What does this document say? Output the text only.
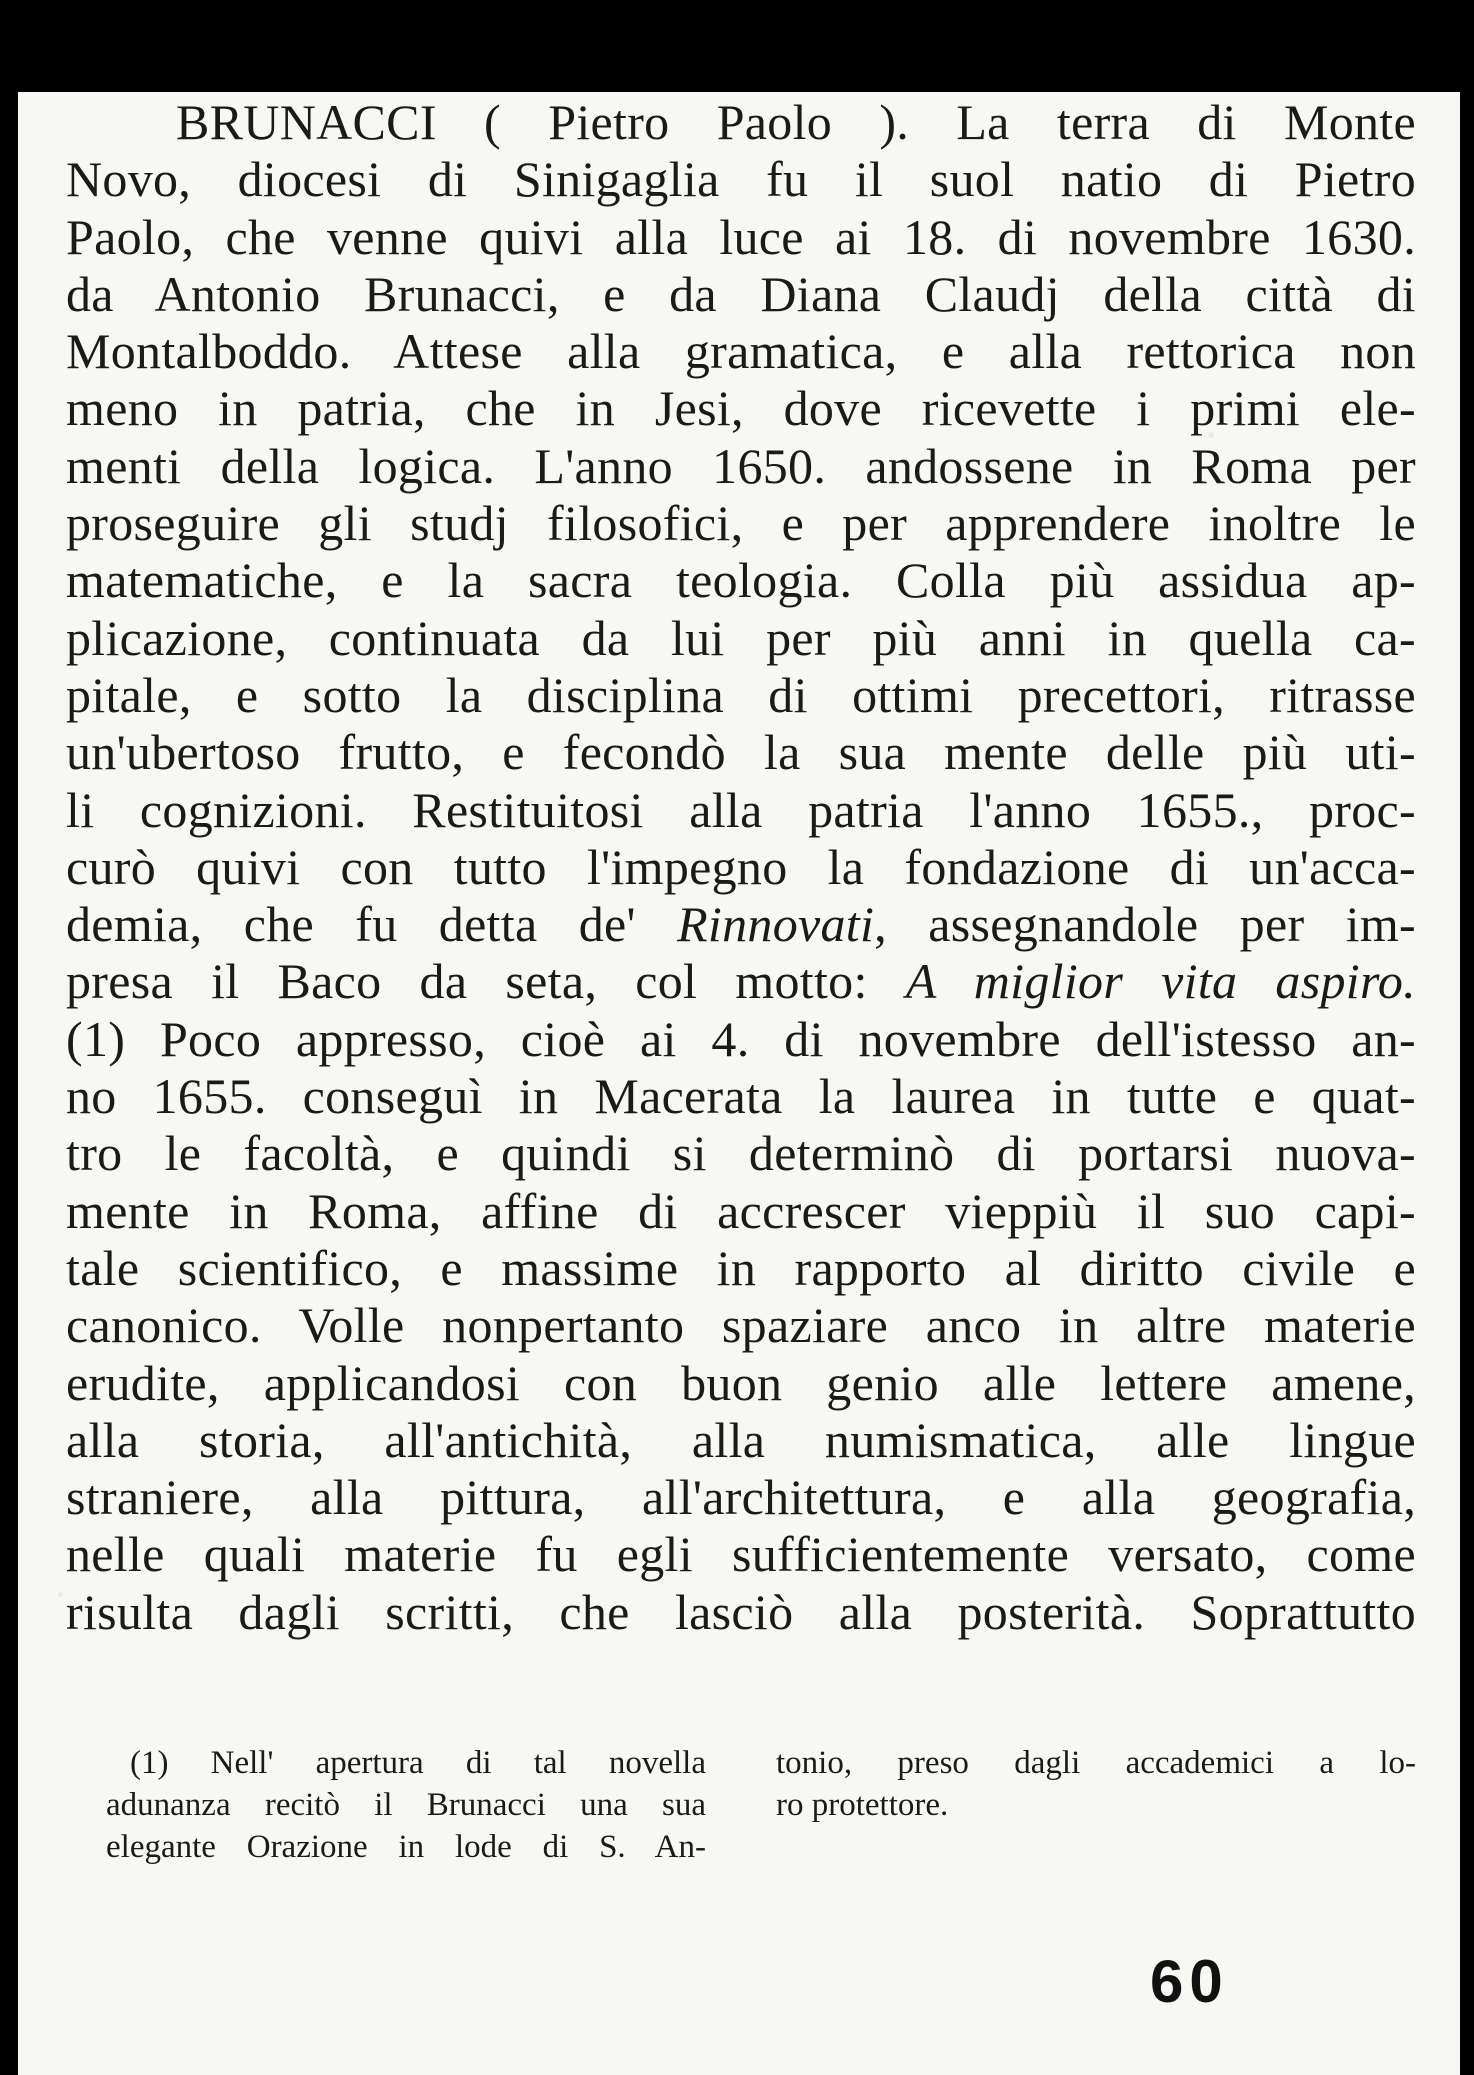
BRUNACCI ( Pietro Paolo ). La terra di Monte
Novo, diocesi di Sinigaglia fu il suol natio di Pietro
Paolo, che venne quivi alla luce ai 18. di novembre 1630.
da Antonio Brunacci, e da Diana Claudj della città di
Montalboddo. Attese alla gramatica, e alla rettorica non
meno in patria, che in Jesi, dove ricevette i primi ele-
menti della logica. L'anno 1650. andossene in Roma per
proseguire gli studj filosofici, e per apprendere inoltre le
matematiche, e la sacra teologia. Colla più assidua ap-
plicazione, continuata da lui per più anni in quella ca-
pitale, e sotto la disciplina di ottimi precettori, ritrasse
un'ubertoso frutto, e fecondò la sua mente delle più uti-
li cognizioni. Restituitosi alla patria l'anno 1655., proc-
curò quivi con tutto l'impegno la fondazione di un'acca-
demia, che fu detta de' Rinnovati, assegnandole per im-
presa il Baco da seta, col motto: A miglior vita aspiro.
(1) Poco appresso, cioè ai 4. di novembre dell'istesso an-
no 1655. conseguì in Macerata la laurea in tutte e quat-
tro le facoltà, e quindi si determinò di portarsi nuova-
mente in Roma, affine di accrescer vieppiù il suo capi-
tale scientifico, e massime in rapporto al diritto civile e
canonico. Volle nonpertanto spaziare anco in altre materie
erudite, applicandosi con buon genio alle lettere amene,
alla storia, all'antichità, alla numismatica, alle lingue
straniere, alla pittura, all'architettura, e alla geografia,
nelle quali materie fu egli sufficientemente versato, come
risulta dagli scritti, che lasciò alla posterità. Soprattutto
(1) Nell' apertura di tal novella
adunanza recitò il Brunacci una sua
elegante Orazione in lode di S. An-
tonio, preso dagli accademici a lo-
ro protettore.
60
